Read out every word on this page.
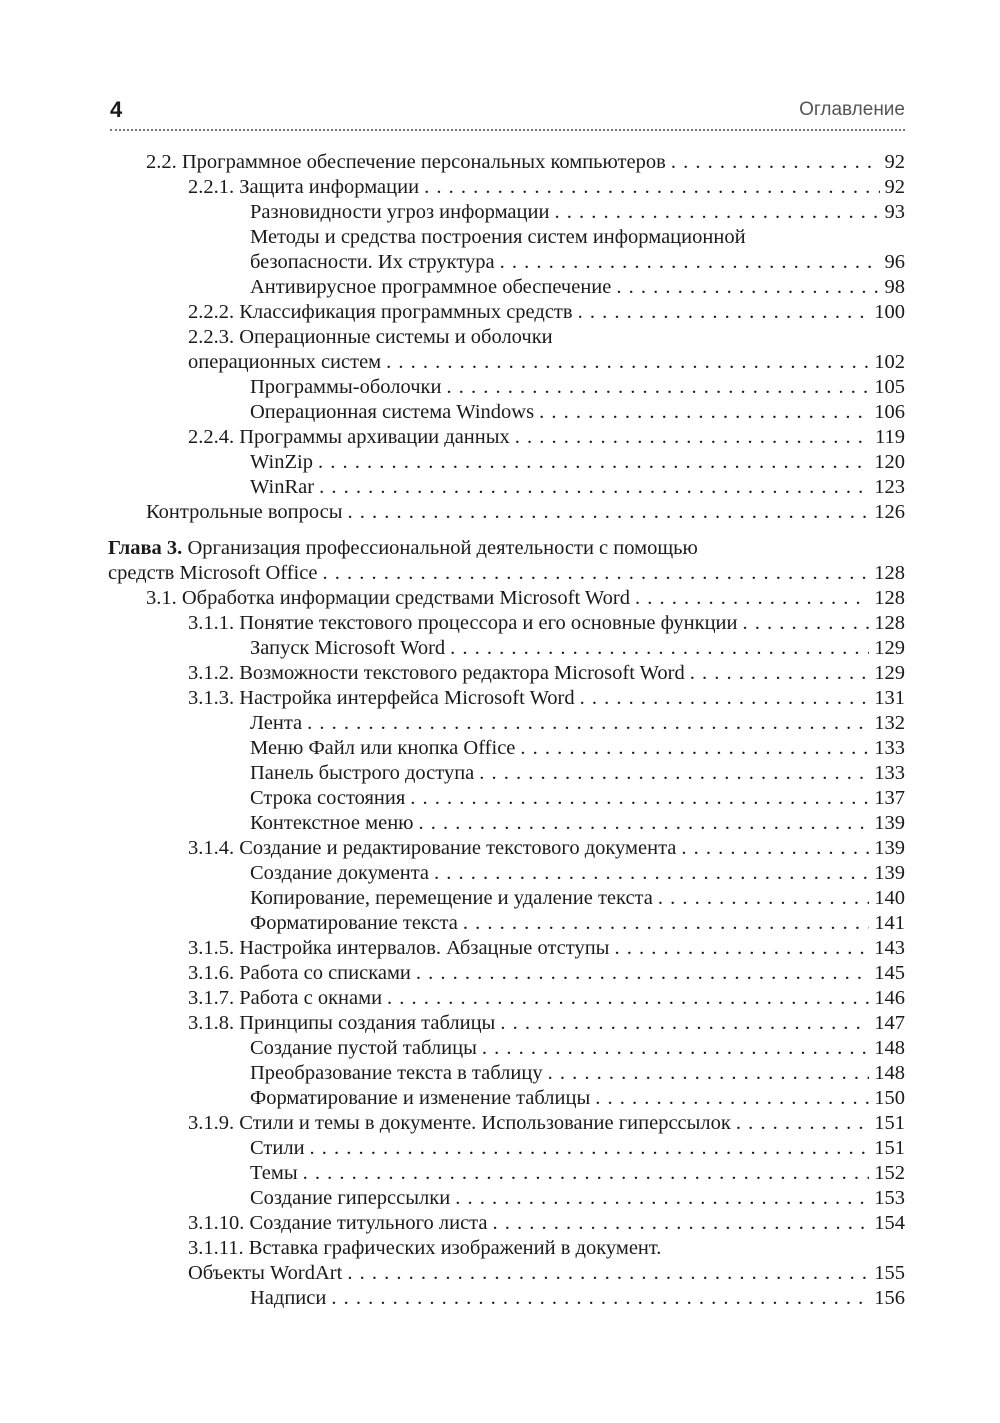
4	Оглавление
2.2. Программное обеспечение персональных компьютеров . . .	92
2.2.1. Защита информации . . .	92
Разновидности угроз информации . . .	93
Методы и средства построения систем информационной
безопасности. Их структура . . .	96
Антивирусное программное обеспечение . . .	98
2.2.2. Классификация программных средств . . .	100
2.2.3. Операционные системы и оболочки
операционных систем . . .	102
Программы-оболочки . . .	105
Операционная система Windows . . .	106
2.2.4. Программы архивации данных . . .	119
WinZip . . .	120
WinRar . . .	123
Контрольные вопросы . . .	126
Глава 3. Организация профессиональной деятельности с помощью
средств Microsoft Office . . .	128
3.1. Обработка информации средствами Microsoft Word . . .	128
3.1.1. Понятие текстового процессора и его основные функции . . .	128
Запуск Microsoft Word . . .	129
3.1.2. Возможности текстового редактора Microsoft Word . . .	129
3.1.3. Настройка интерфейса Microsoft Word . . .	131
Лента . . .	132
Меню Файл или кнопка Office . . .	133
Панель быстрого доступа . . .	133
Строка состояния . . .	137
Контекстное меню . . .	139
3.1.4. Создание и редактирование текстового документа . . .	139
Создание документа . . .	139
Копирование, перемещение и удаление текста . . .	140
Форматирование текста . . .	141
3.1.5. Настройка интервалов. Абзацные отступы . . .	143
3.1.6. Работа со списками . . .	145
3.1.7. Работа с окнами . . .	146
3.1.8. Принципы создания таблицы . . .	147
Создание пустой таблицы . . .	148
Преобразование текста в таблицу . . .	148
Форматирование и изменение таблицы . . .	150
3.1.9. Стили и темы в документе. Использование гиперссылок . . .	151
Стили . . .	151
Темы . . .	152
Создание гиперссылки . . .	153
3.1.10. Создание титульного листа . . .	154
3.1.11. Вставка графических изображений в документ.
Объекты WordArt . . .	155
Надписи . . .	156
